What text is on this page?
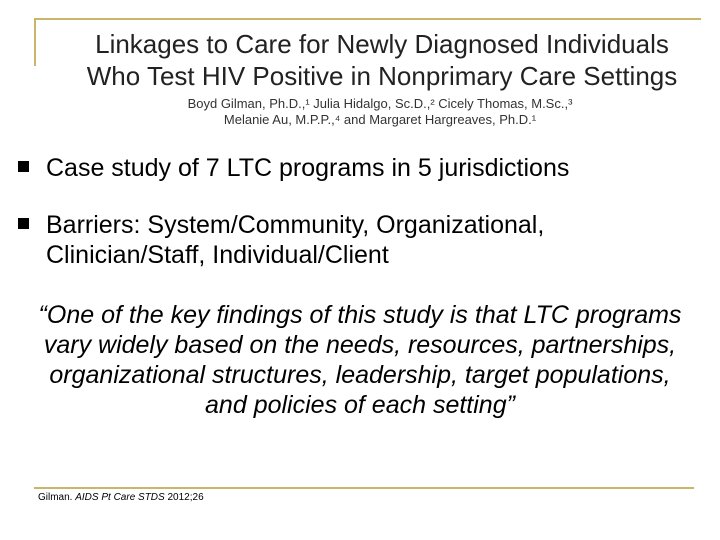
Linkages to Care for Newly Diagnosed Individuals
Who Test HIV Positive in Nonprimary Care Settings
Boyd Gilman, Ph.D.,¹ Julia Hidalgo, Sc.D.,² Cicely Thomas, M.Sc.,³
Melanie Au, M.P.P.,⁴ and Margaret Hargreaves, Ph.D.¹
Case study of 7 LTC programs in 5 jurisdictions
Barriers: System/Community, Organizational, Clinician/Staff, Individual/Client
“One of the key findings of this study is that LTC programs vary widely based on the needs, resources, partnerships, organizational structures, leadership, target populations, and policies of each setting”
Gilman. AIDS Pt Care STDS 2012;26
